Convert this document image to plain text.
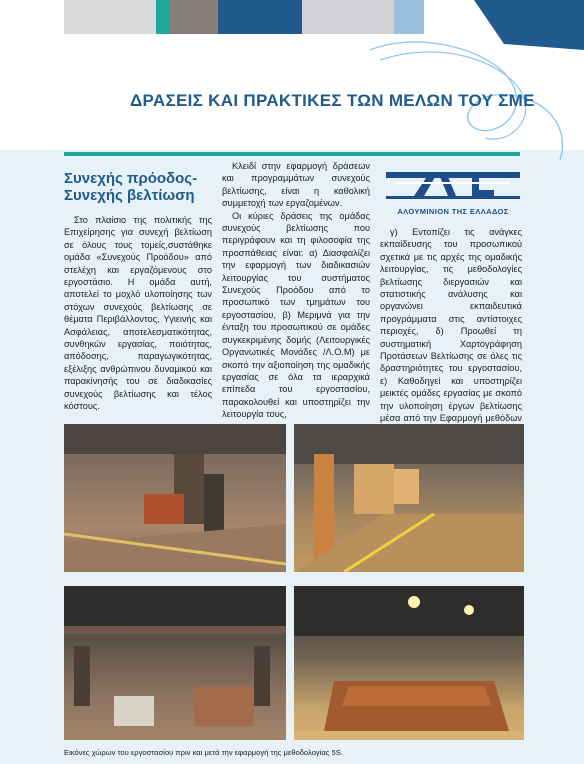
ΔΡΑΣΕΙΣ ΚΑΙ ΠΡΑΚΤΙΚΕΣ ΤΩΝ ΜΕΛΩΝ ΤΟΥ ΣΜΕ
Συνεχής πρόοδος-
Συνεχής βελτίωση

Στο πλαίσιο της πολιτικής της Επιχείρησης για συνεχή βελτίωση σε όλους τους τομείς,συστάθηκε ομάδα «Συνεχούς Προόδου» από στελέχη και εργαζόμενους στο εργοστάσιο. Η ομάδα αυτή, αποτελεί το μοχλό υλοποίησης των στόχων συνεχούς βελτίωσης σε θέματα Περιβάλλοντος, Υγιεινής και Ασφάλειας, αποτελεσματικότητας, συνθηκών εργασίας, ποιότητας, απόδοσης, παραγωγικότητας, εξέλιξης ανθρώπινου δυναμικού και παρακίνησής του σε διαδικασίες συνεχούς βελτίωσης και τέλος κόστους.

Κλειδί στην εφαρμογή δράσεων και προγραμμάτων συνεχούς βελτίωσης, είναι η καθολική συμμετοχή των εργαζομένων.

Οι κύριες δράσεις της ομάδας συνεχούς βελτίωσης που περιγράφουν και τη φιλοσοφία της προσπάθειας είναι: α) Διασφαλίζει την εφαρμογή των διαδικασιών λειτουργίας του συστήματος Συνεχούς Προόδου από το προσωπικό των τμημάτων του εργοστασίου, β) Μεριμνά για την ένταξη του προσωπικού σε ομάδες συγκεκριμένης δομής (Λειτουργικές Οργανωτικές Μονάδες /Λ.Ο.Μ) με σκοπό την αξιοποίηση της ομαδικής εργασίας σε όλα τα ιεραρχικά επίπεδα του εργοστασίου, παρακολουθεί και υποστηρίζει την λειτουργία τους,

ΑΛΟΥΜΙΝΙΟΝ ΤΗΣ ΕΛΛΑΔΟΣ

γ) Εντοπίζει τις ανάγκες εκπαίδευσης του προσωπικού σχετικά με τις αρχές της ομαδικής λειτουργίας, τις μεθοδολογίες βελτίωσης διεργασιών και στατιστικής ανάλυσης και οργανώνει εκπαιδευτικά προγράμματα στις αντίστοιχες περιοχές, δ) Προωθεί τη συστηματική Χαρτογράφηση Προτάσεων Βελτίωσης σε όλες τις δραστηριότητες του εργοστασίου, ε) Καθοδηγεί και υποστηρίζει μεικτές ομάδες εργασίας με σκοπό την υλοποίηση έργων βελτίωσης μέσα από την Εφαρμογή μεθόδων

Εικόνες χώρων του εργοστασίου πριν και μετά την εφαρμογή της μεθοδολογίας 5S.
